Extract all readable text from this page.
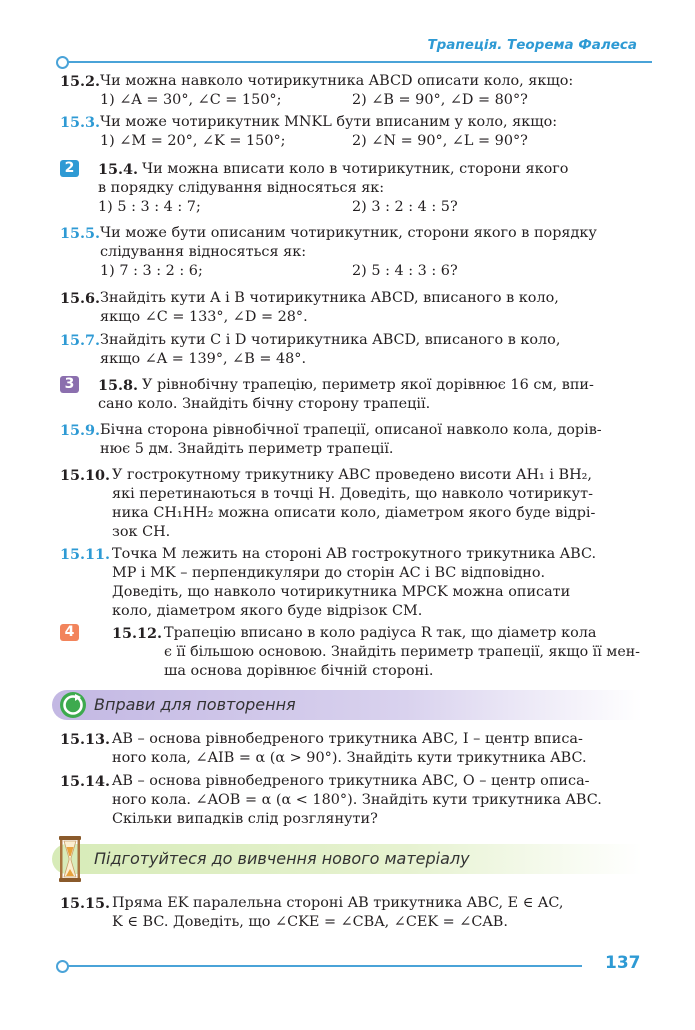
Трапеція. Теорема Фалеса
15.2. Чи можна навколо чотирикутника ABCD описати коло, якщо:
1) ∠A = 30°, ∠C = 150°;	2) ∠B = 90°, ∠D = 80°?
15.3. Чи може чотирикутник MNKL бути вписаним у коло, якщо:
1) ∠M = 20°, ∠K = 150°;	2) ∠N = 90°, ∠L = 90°?
2	15.4. Чи можна вписати коло в чотирикутник, сторони якого
в порядку слідування відносяться як:
1) 5 : 3 : 4 : 7;	2) 3 : 2 : 4 : 5?
15.5. Чи може бути описаним чотирикутник, сторони якого в порядку
слідування відносяться як:
1) 7 : 3 : 2 : 6;	2) 5 : 4 : 3 : 6?
15.6. Знайдіть кути A і B чотирикутника ABCD, вписаного в коло,
якщо ∠C = 133°, ∠D = 28°.
15.7. Знайдіть кути C і D чотирикутника ABCD, вписаного в коло,
якщо ∠A = 139°, ∠B = 48°.
3	15.8. У рівнобічну трапецію, периметр якої дорівнює 16 см, впи-
сано коло. Знайдіть бічну сторону трапеції.
15.9. Бічна сторона рівнобічної трапеції, описаної навколо кола, дорів-
нює 5 дм. Знайдіть периметр трапеції.
15.10. У гострокутному трикутнику ABC проведено висоти AH₁ і BH₂,
які перетинаються в точці H. Доведіть, що навколо чотирикут-
ника CH₁HH₂ можна описати коло, діаметром якого буде відрі-
зок CH.
15.11. Точка M лежить на стороні AB гострокутного трикутника ABC.
MP і MK – перпендикуляри до сторін AC і BC відповідно.
Доведіть, що навколо чотирикутника MPCK можна описати
коло, діаметром якого буде відрізок CM.
4	15.12. Трапецію вписано в коло радіуса R так, що діаметр кола
є її більшою основою. Знайдіть периметр трапеції, якщо її мен-
ша основа дорівнює бічній стороні.
Вправи для повторення
15.13. AB – основа рівнобедреного трикутника ABC, I – центр вписа-
ного кола, ∠AIB = α (α > 90°). Знайдіть кути трикутника ABC.
15.14. AB – основа рівнобедреного трикутника ABC, O – центр описа-
ного кола. ∠AOB = α (α < 180°). Знайдіть кути трикутника ABC.
Скільки випадків слід розглянути?
Підготуйтеся до вивчення нового матеріалу
15.15. Пряма EK паралельна стороні AB трикутника ABC, E ∈ AC,
K ∈ BC. Доведіть, що ∠CKE = ∠CBA, ∠CEK = ∠CAB.
137
